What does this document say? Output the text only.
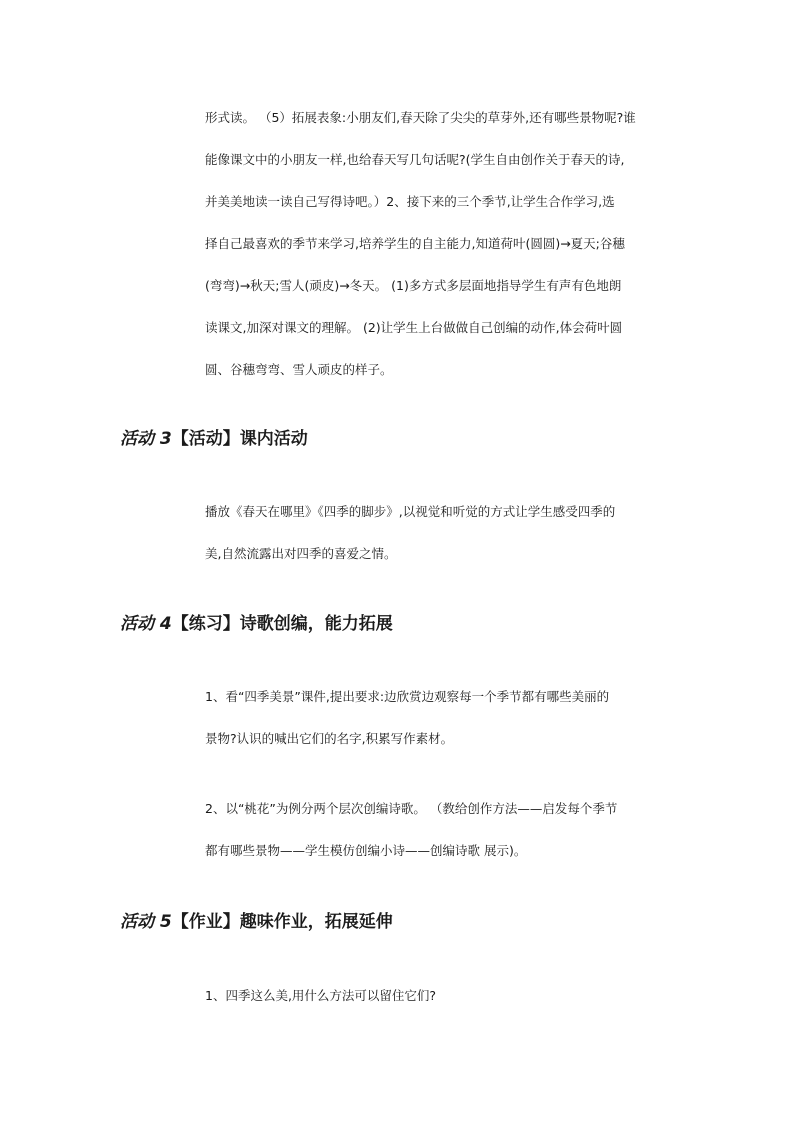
形式读。 （5）拓展表象:小朋友们,春天除了尖尖的草芽外,还有哪些景物呢?谁
能像课文中的小朋友一样,也给春天写几句话呢?(学生自由创作关于春天的诗,
并美美地读一读自己写得诗吧。）2、接下来的三个季节,让学生合作学习,选
择自己最喜欢的季节来学习,培养学生的自主能力,知道荷叶(圆圆)→夏天;谷穗
(弯弯)→秋天;雪人(顽皮)→冬天。 (1)多方式多层面地指导学生有声有色地朗
读课文,加深对课文的理解。 (2)让学生上台做做自己创编的动作,体会荷叶圆
圆、谷穗弯弯、雪人顽皮的样子。
活动 3【活动】课内活动
播放《春天在哪里》《四季的脚步》,以视觉和听觉的方式让学生感受四季的
美,自然流露出对四季的喜爱之情。
活动 4【练习】诗歌创编，能力拓展
1、看“四季美景”课件,提出要求:边欣赏边观察每一个季节都有哪些美丽的
景物?认识的喊出它们的名字,积累写作素材。
2、以“桃花”为例分两个层次创编诗歌。 （教给创作方法——启发每个季节
都有哪些景物——学生模仿创编小诗——创编诗歌 展示)。
活动 5【作业】趣味作业，拓展延伸
1、四季这么美,用什么方法可以留住它们?
